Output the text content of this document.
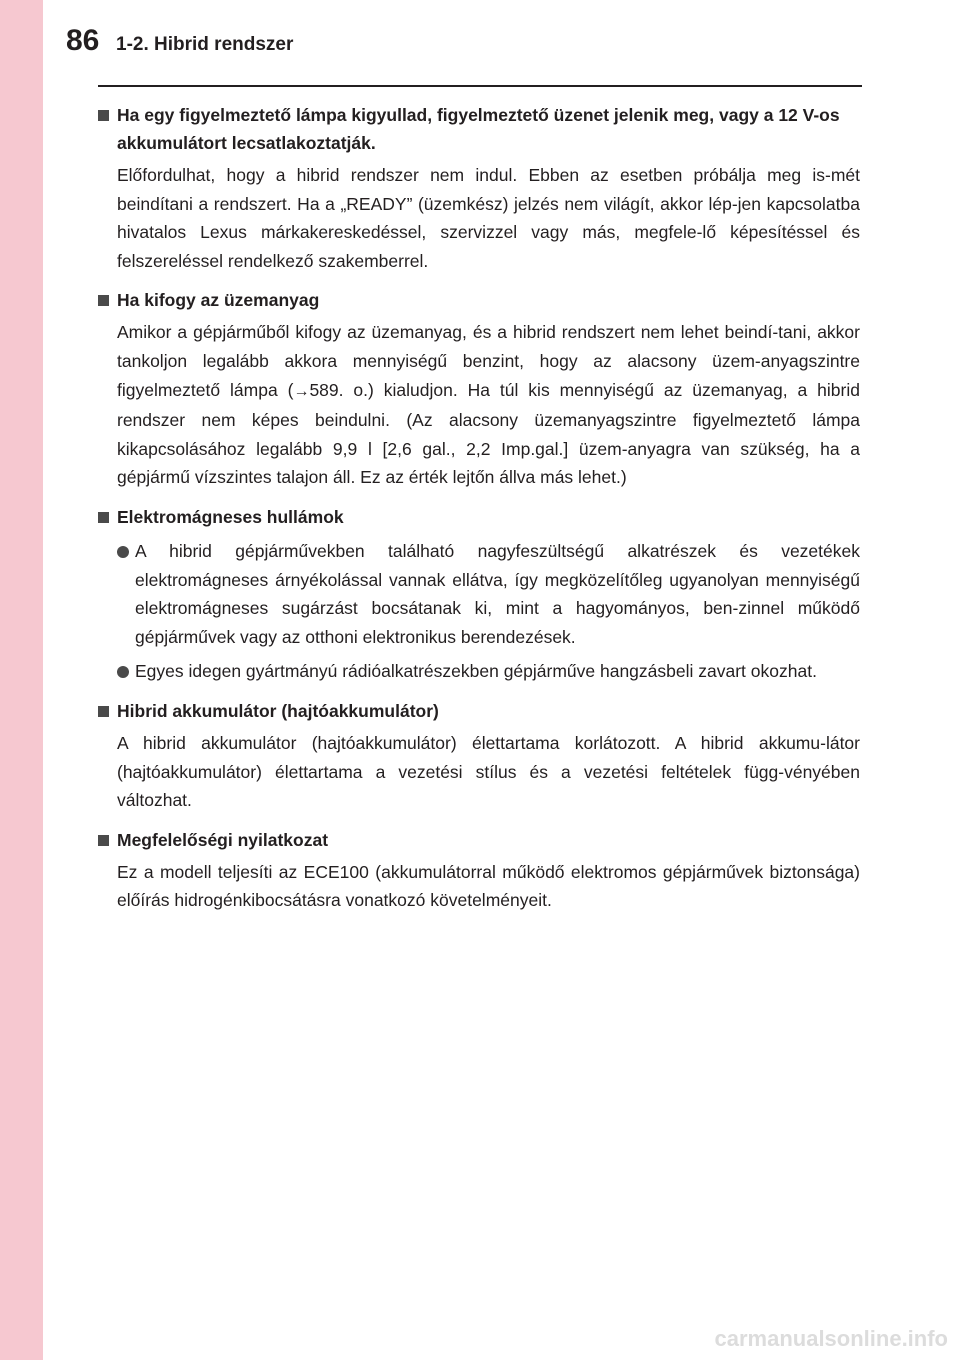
86 1-2. Hibrid rendszer
Ha egy figyelmeztető lámpa kigyullad, figyelmeztető üzenet jelenik meg, vagy a 12 V-os akkumulátort lecsatlakoztatják.
Előfordulhat, hogy a hibrid rendszer nem indul. Ebben az esetben próbálja meg is-mét beindítani a rendszert. Ha a „READY” (üzemkész) jelzés nem világít, akkor lép-jen kapcsolatba hivatalos Lexus márkakereskedéssel, szervizzel vagy más, megfele-lő képesítéssel és felszereléssel rendelkező szakemberrel.
Ha kifogy az üzemanyag
Amikor a gépjárműből kifogy az üzemanyag, és a hibrid rendszert nem lehet beindí-tani, akkor tankoljon legalább akkora mennyiségű benzint, hogy az alacsony üzem-anyagszintre figyelmeztető lámpa (→589. o.) kialudjon. Ha túl kis mennyiségű az üzemanyag, a hibrid rendszer nem képes beindulni. (Az alacsony üzemanyagszintre figyelmeztető lámpa kikapcsolásához legalább 9,9 l [2,6 gal., 2,2 Imp.gal.] üzem-anyagra van szükség, ha a gépjármű vízszintes talajon áll. Ez az érték lejtőn állva más lehet.)
Elektromágneses hullámok
A hibrid gépjárművekben található nagyfeszültségű alkatrészek és vezetékek elektromágneses árnyékolással vannak ellátva, így megközelítőleg ugyanolyan mennyiségű elektromágneses sugárzást bocsátanak ki, mint a hagyományos, ben-zinnel működő gépjárművek vagy az otthoni elektronikus berendezések.
Egyes idegen gyártmányú rádióalkatrészekben gépjárműve hangzásbeli zavart okozhat.
Hibrid akkumulátor (hajtóakkumulátor)
A hibrid akkumulátor (hajtóakkumulátor) élettartama korlátozott. A hibrid akkumu-látor (hajtóakkumulátor) élettartama a vezetési stílus és a vezetési feltételek függ-vényében változhat.
Megfelelőségi nyilatkozat
Ez a modell teljesíti az ECE100 (akkumulátorral működő elektromos gépjárművek biztonsága) előírás hidrogénkibocsátásra vonatkozó követelményeit.
carmanualsonline.info
